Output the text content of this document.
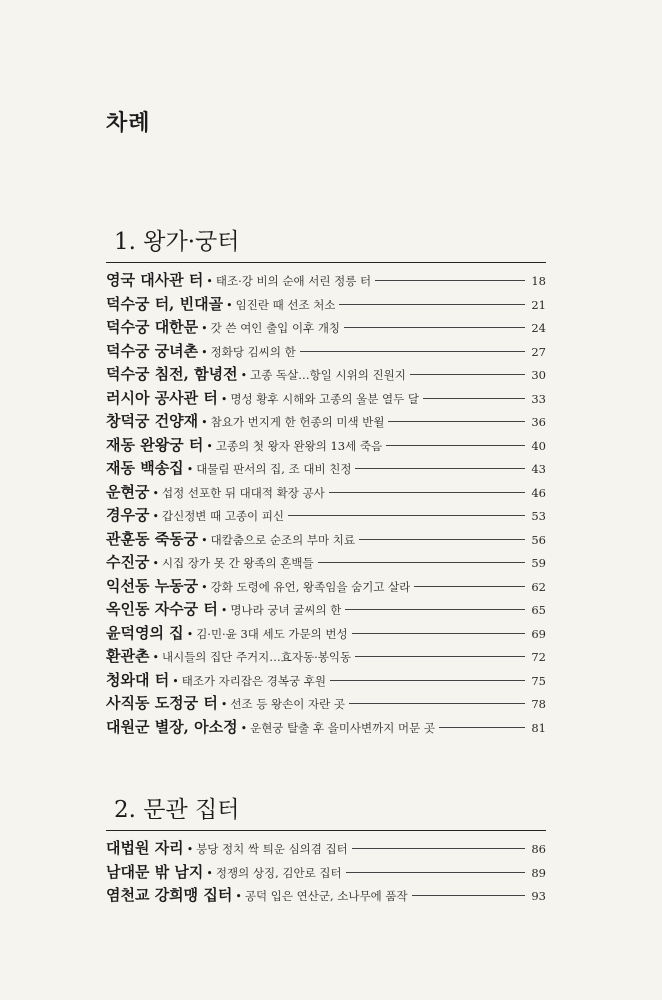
차례
1. 왕가·궁터
영국 대사관 터 • 태조·강 비의 순애 서린 정릉 터	18
덕수궁 터, 빈대골 • 임진란 때 선조 처소	21
덕수궁 대한문 • 갓 쓴 여인 출입 이후 개칭	24
덕수궁 궁녀촌 • 정화당 김씨의 한	27
덕수궁 침전, 함녕전 • 고종 독살…항일 시위의 진원지	30
러시아 공사관 터 • 명성 황후 시해와 고종의 울분 열두 달	33
창덕궁 건양재 • 참요가 번지게 한 헌종의 미색 반윌	36
재동 완왕궁 터 • 고종의 첫 왕자 완왕의 13세 죽음	40
재동 백송집 • 대물림 판서의 집, 조 대비 친정	43
운현궁 • 섭정 선포한 뒤 대대적 확장 공사	46
경우궁 • 갑신정변 때 고종이 피신	53
관훈동 죽동궁 • 대칼춤으로 순조의 부마 치료	56
수진궁 • 시집 장가 못 간 왕족의 혼백들	59
익선동 누동궁 • 강화 도령에 유언, 왕족임을 숨기고 살라	62
옥인동 자수궁 터 • 명나라 궁녀 굴씨의 한	65
윤덕영의 집 • 김·민·윤 3대 세도 가문의 번성	69
환관촌 • 내시들의 집단 주거지…효자동·봉익동	72
청와대 터 • 태조가 자리잡은 경복궁 후원	75
사직동 도정궁 터 • 선조 등 왕손이 자란 곳	78
대원군 별장, 아소정 • 운현궁 탈출 후 을미사변까지 머문 곳	81
2. 문관 집터
대법원 자리 • 붕당 정치 싹 틔운 심의겸 집터	86
남대문 밖 남지 • 정쟁의 상징, 김안로 집터	89
염천교 강희맹 집터 • 공덕 입은 연산군, 소나무에 품작	93
